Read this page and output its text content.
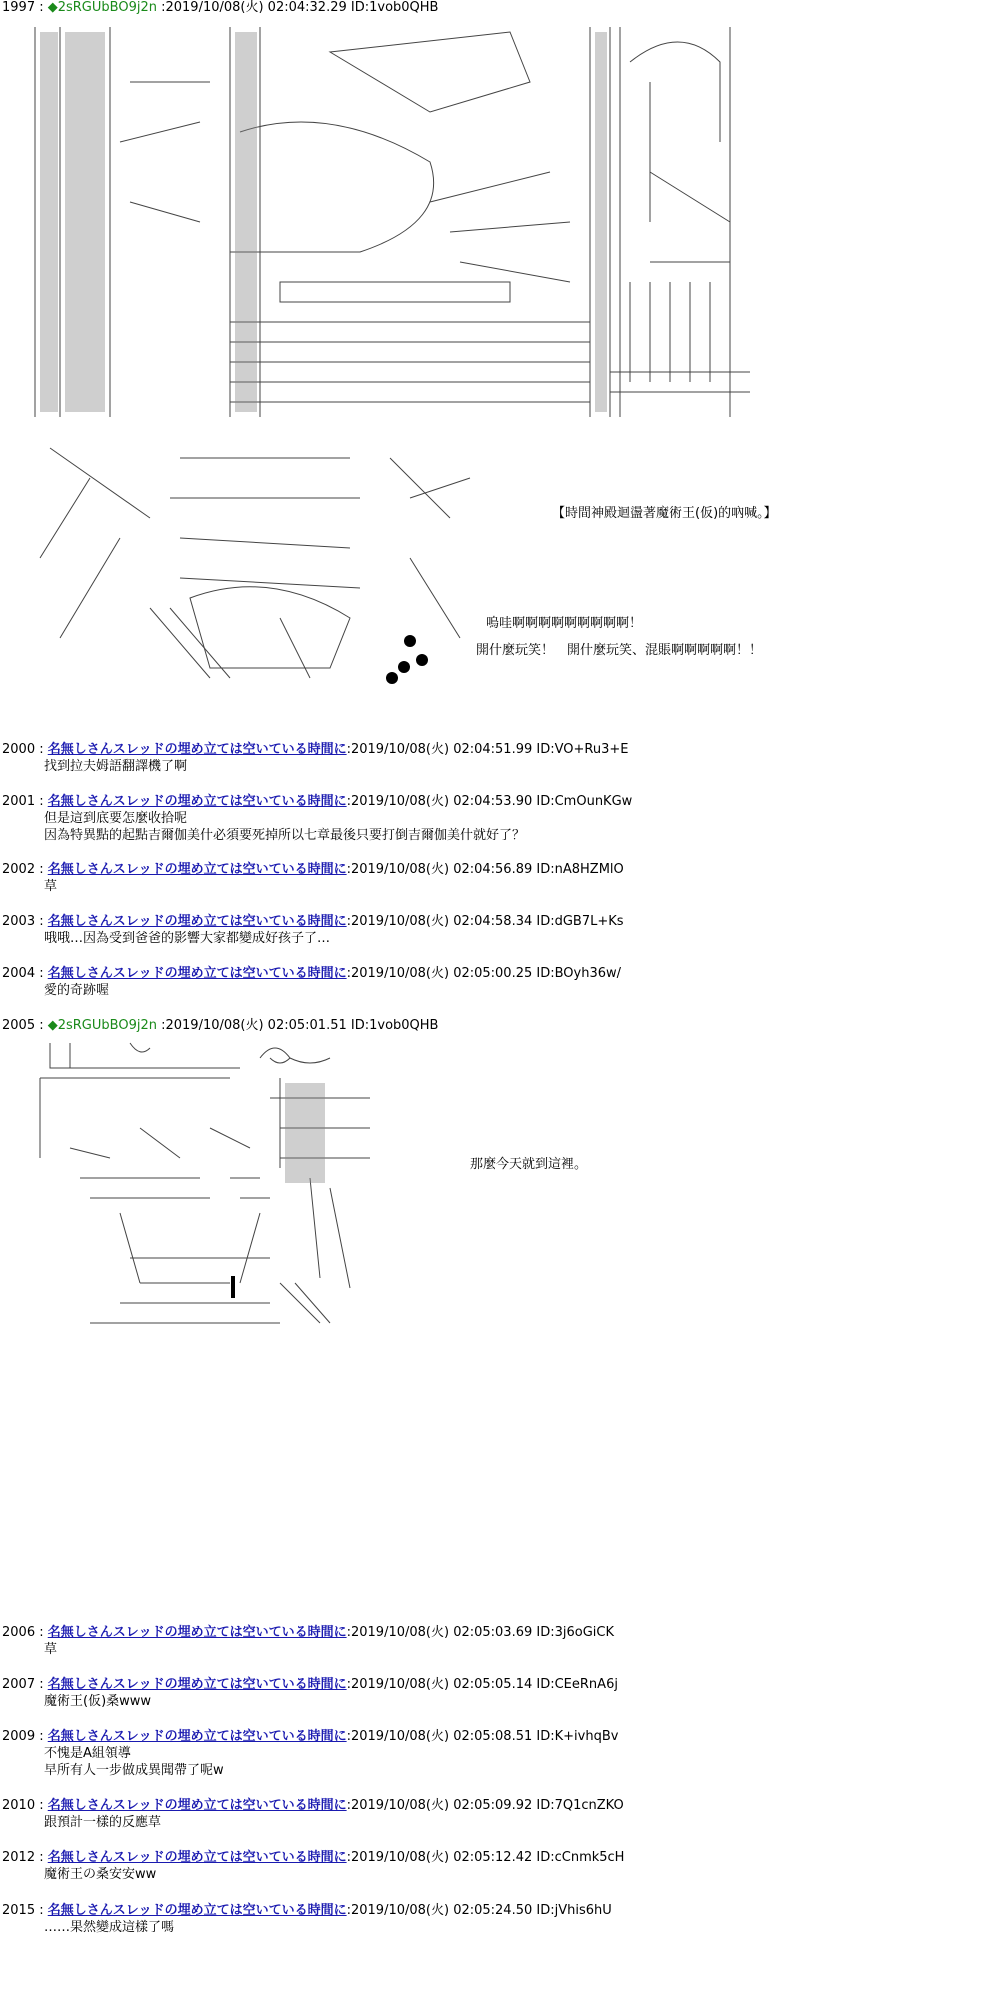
1997 : ◆2sRGUbBO9j2n :2019/10/08(火) 02:04:32.29 ID:1vob0QHB
【時間神殿迴盪著魔術王(仮)的吶喊。】
嗚哇啊啊啊啊啊啊啊啊啊！
開什麼玩笑！　開什麼玩笑、混賬啊啊啊啊啊！！
2000 : 名無しさんスレッドの埋め立ては空いている時間に:2019/10/08(火) 02:04:51.99 ID:VO+Ru3+E
找到拉夫姆語翻譯機了啊
2001 : 名無しさんスレッドの埋め立ては空いている時間に:2019/10/08(火) 02:04:53.90 ID:CmOunKGw
但是這到底要怎麼收拾呢
因為特異點的起點吉爾伽美什必須要死掉所以七章最後只要打倒吉爾伽美什就好了？
2002 : 名無しさんスレッドの埋め立ては空いている時間に:2019/10/08(火) 02:04:56.89 ID:nA8HZMlO
草
2003 : 名無しさんスレッドの埋め立ては空いている時間に:2019/10/08(火) 02:04:58.34 ID:dGB7L+Ks
哦哦…因為受到爸爸的影響大家都變成好孩子了…
2004 : 名無しさんスレッドの埋め立ては空いている時間に:2019/10/08(火) 02:05:00.25 ID:BOyh36w/
愛的奇跡喔
2005 : ◆2sRGUbBO9j2n :2019/10/08(火) 02:05:01.51 ID:1vob0QHB
那麼今天就到這裡。
2006 : 名無しさんスレッドの埋め立ては空いている時間に:2019/10/08(火) 02:05:03.69 ID:3j6oGiCK
草
2007 : 名無しさんスレッドの埋め立ては空いている時間に:2019/10/08(火) 02:05:05.14 ID:CEeRnA6j
魔術王(仮)桑www
2009 : 名無しさんスレッドの埋め立ては空いている時間に:2019/10/08(火) 02:05:08.51 ID:K+ivhqBv
不愧是A組領導
早所有人一步做成異聞帶了呢w
2010 : 名無しさんスレッドの埋め立ては空いている時間に:2019/10/08(火) 02:05:09.92 ID:7Q1cnZKO
跟預計一樣的反應草
2012 : 名無しさんスレッドの埋め立ては空いている時間に:2019/10/08(火) 02:05:12.42 ID:cCnmk5cH
魔術王の桑安安ww
2015 : 名無しさんスレッドの埋め立ては空いている時間に:2019/10/08(火) 02:05:24.50 ID:jVhis6hU
……果然變成這樣了嗎
